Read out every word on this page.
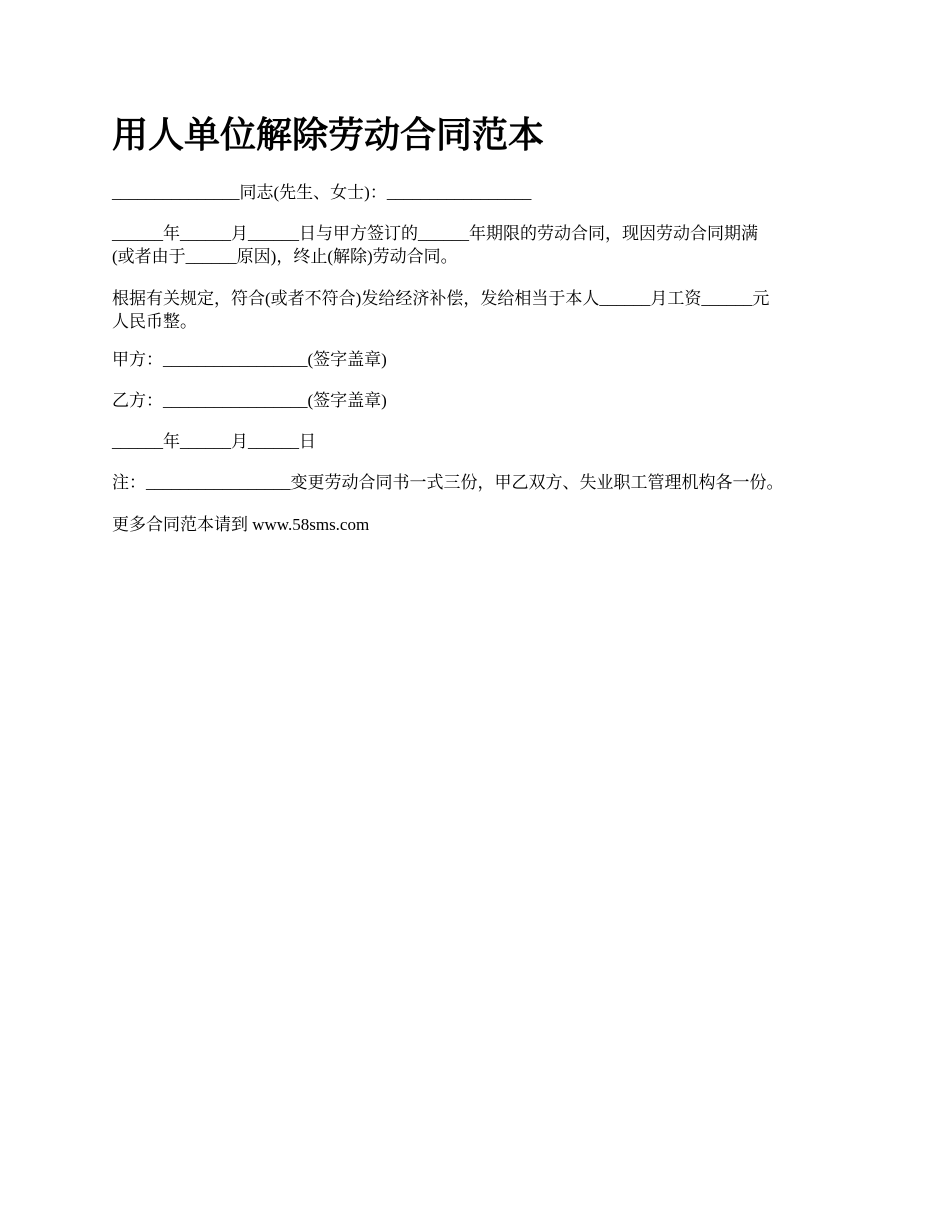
用人单位解除劳动合同范本

_______________同志(先生、女士)：_________________

______年______月______日与甲方签订的______年期限的劳动合同，现因劳动合同期满
(或者由于______原因)，终止(解除)劳动合同。

根据有关规定，符合(或者不符合)发给经济补偿，发给相当于本人______月工资______元
人民币整。

甲方：_________________(签字盖章)

乙方：_________________(签字盖章)

______年______月______日

注：_________________变更劳动合同书一式三份，甲乙双方、失业职工管理机构各一份。

更多合同范本请到 www.58sms.com
